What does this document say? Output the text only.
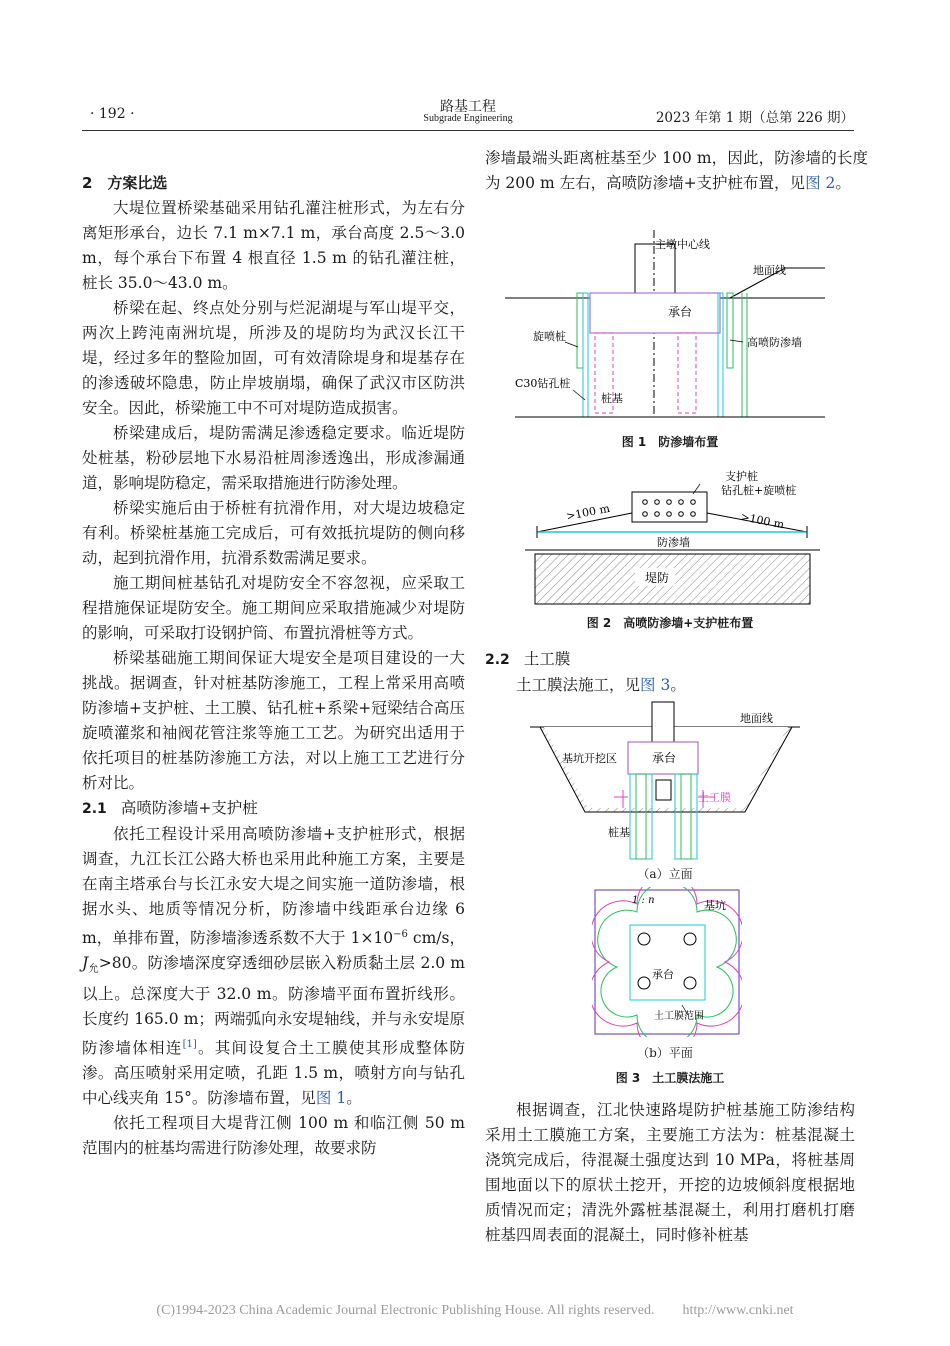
· 192 ·	路基工程
Subgrade Engineering	2023 年第 1 期（总第 226 期）

2　方案比选

大堤位置桥梁基础采用钻孔灌注桩形式，为左右分离矩形承台，边长 7.1 m×7.1 m，承台高度 2.5～3.0 m，每个承台下布置 4 根直径 1.5 m 的钻孔灌注桩，桩长 35.0～43.0 m。

桥梁在起、终点处分别与烂泥湖堤与军山堤平交，两次上跨沌南洲坑堤，所涉及的堤防均为武汉长江干堤，经过多年的整险加固，可有效清除堤身和堤基存在的渗透破坏隐患，防止岸坡崩塌，确保了武汉市区防洪安全。因此，桥梁施工中不可对堤防造成损害。

桥梁建成后，堤防需满足渗透稳定要求。临近堤防处桩基，粉砂层地下水易沿桩周渗透逸出，形成渗漏通道，影响堤防稳定，需采取措施进行防渗处理。

桥梁实施后由于桥桩有抗滑作用，对大堤边坡稳定有利。桥梁桩基施工完成后，可有效抵抗堤防的侧向移动，起到抗滑作用，抗滑系数需满足要求。

施工期间桩基钻孔对堤防安全不容忽视，应采取工程措施保证堤防安全。施工期间应采取措施减少对堤防的影响，可采取打设钢护筒、布置抗滑桩等方式。

桥梁基础施工期间保证大堤安全是项目建设的一大挑战。据调查，针对桩基防渗施工，工程上常采用高喷防渗墙+支护桩、土工膜、钻孔桩+系梁+冠梁结合高压旋喷灌浆和袖阀花管注浆等施工工艺。为研究出适用于依托项目的桩基防渗施工方法，对以上施工工艺进行分析对比。

2.1 高喷防渗墙+支护桩

依托工程设计采用高喷防渗墙+支护桩形式，根据调查，九江长江公路大桥也采用此种施工方案，主要是在南主塔承台与长江永安大堤之间实施一道防渗墙，根据水头、地质等情况分析，防渗墙中线距承台边缘 6 m，单排布置，防渗墙渗透系数不大于 $1\times 10^{-6}$ cm/s，$J_允>80$。防渗墙深度穿透细砂层嵌入粉质黏土层 2.0 m 以上。总深度大于 32.0 m。防渗墙平面布置折线形。长度约 165.0 m；两端弧向永安堤轴线，并与永安堤原防渗墙体相连[1]。其间设复合土工膜使其形成整体防渗。高压喷射采用定喷，孔距 1.5 m，喷射方向与钻孔中心线夹角 15°。防渗墙布置，见图 1。

依托工程项目大堤背江侧 100 m 和临江侧 50 m 范围内的桩基均需进行防渗处理，故要求防

渗墙最端头距离桩基至少 100 m，因此，防渗墙的长度为 200 m 左右，高喷防渗墙+支护桩布置，见图 2。

主墩中心线
地面线
承台
旋喷桩	高喷防渗墙
C30钻孔桩
桩基
图 1　防渗墙布置
支护桩
钻孔桩+旋喷桩
>100 m	>100 m
防渗墙
堤防
图 2　高喷防渗墙+支护桩布置

2.2 土工膜

土工膜法施工，见图 3。

地面线
基坑开挖区	承台
土工膜
桩基
（a）立面
1 : n	基坑
承台
土工膜范围
（b）平面
图 3　土工膜法施工

根据调查，江北快速路堤防护桩基施工防渗结构采用土工膜施工方案，主要施工方法为：桩基混凝土浇筑完成后，待混凝土强度达到 10 MPa，将桩基周围地面以下的原状土挖开，开挖的边坡倾斜度根据地质情况而定；清洗外露桩基混凝土，利用打磨机打磨桩基四周表面的混凝土，同时修补桩基

(C)1994-2023 China Academic Journal Electronic Publishing House. All rights reserved.　　http://www.cnki.net
